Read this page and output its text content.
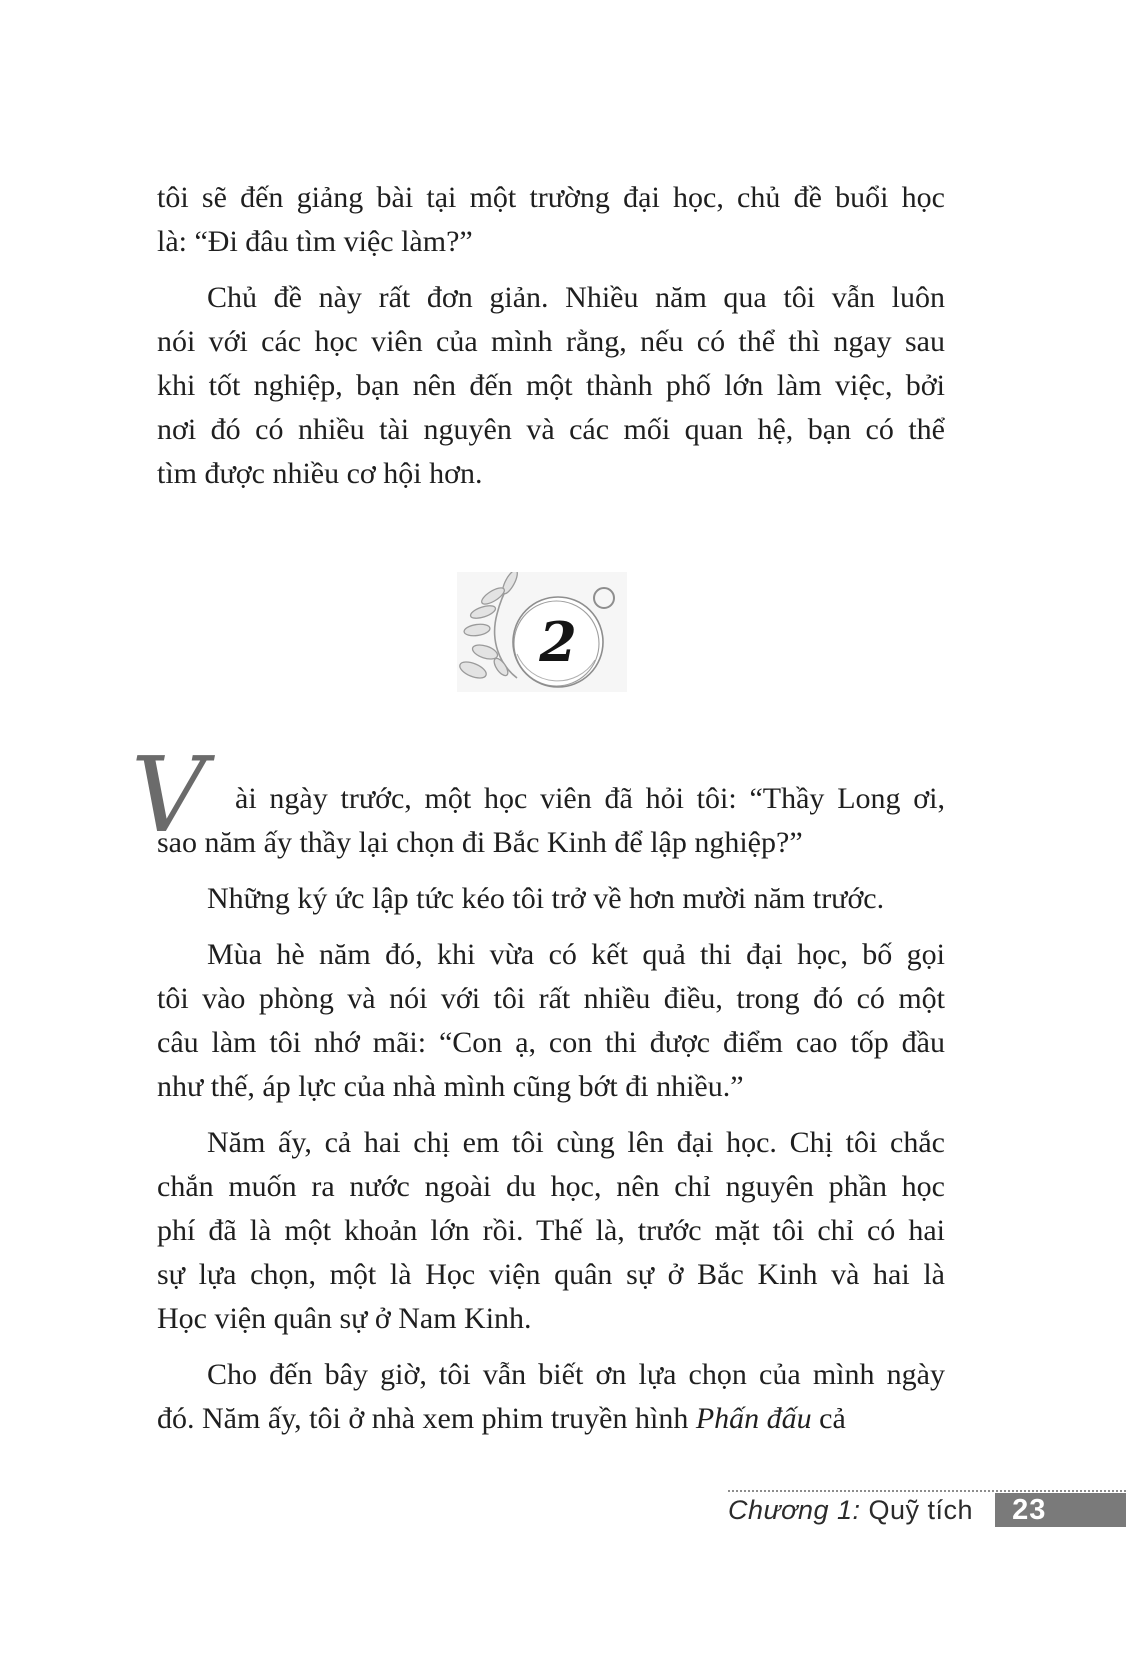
tôi sẽ đến giảng bài tại một trường đại học, chủ đề buổi học
là: “Đi đâu tìm việc làm?”
Chủ đề này rất đơn giản. Nhiều năm qua tôi vẫn luôn
nói với các học viên của mình rằng, nếu có thể thì ngay sau
khi tốt nghiệp, bạn nên đến một thành phố lớn làm việc, bởi
nơi đó có nhiều tài nguyên và các mối quan hệ, bạn có thể
tìm được nhiều cơ hội hơn.
2
V ài ngày trước, một học viên đã hỏi tôi: “Thầy Long ơi,
sao năm ấy thầy lại chọn đi Bắc Kinh để lập nghiệp?”
Những ký ức lập tức kéo tôi trở về hơn mười năm trước.
Mùa hè năm đó, khi vừa có kết quả thi đại học, bố gọi
tôi vào phòng và nói với tôi rất nhiều điều, trong đó có một
câu làm tôi nhớ mãi: “Con ạ, con thi được điểm cao tốp đầu
như thế, áp lực của nhà mình cũng bớt đi nhiều.”
Năm ấy, cả hai chị em tôi cùng lên đại học. Chị tôi chắc
chắn muốn ra nước ngoài du học, nên chỉ nguyên phần học
phí đã là một khoản lớn rồi. Thế là, trước mặt tôi chỉ có hai
sự lựa chọn, một là Học viện quân sự ở Bắc Kinh và hai là
Học viện quân sự ở Nam Kinh.
Cho đến bây giờ, tôi vẫn biết ơn lựa chọn của mình ngày
đó. Năm ấy, tôi ở nhà xem phim truyền hình Phấn đấu cả
Chương 1: Quỹ tích	23
